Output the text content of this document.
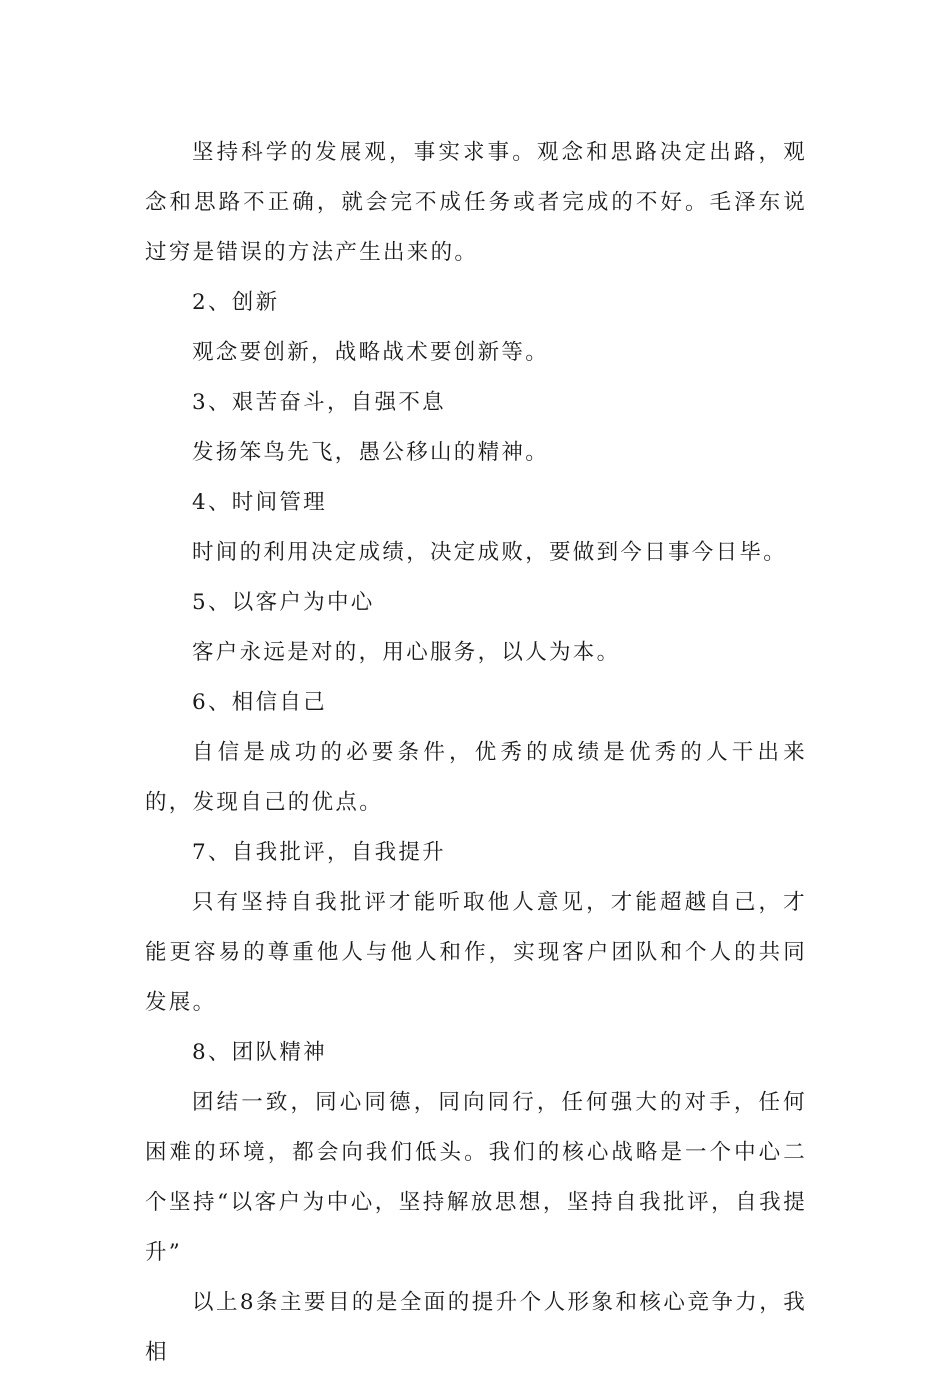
坚持科学的发展观，事实求事。观念和思路决定出路，观念和思路不正确，就会完不成任务或者完成的不好。毛泽东说过穷是错误的方法产生出来的。

2、创新

观念要创新，战略战术要创新等。

3、艰苦奋斗，自强不息

发扬笨鸟先飞，愚公移山的精神。

4、时间管理

时间的利用决定成绩，决定成败，要做到今日事今日毕。

5、以客户为中心

客户永远是对的，用心服务，以人为本。

6、相信自己

自信是成功的必要条件，优秀的成绩是优秀的人干出来的，发现自己的优点。

7、自我批评，自我提升

只有坚持自我批评才能听取他人意见，才能超越自己，才能更容易的尊重他人与他人和作，实现客户团队和个人的共同发展。

8、团队精神

团结一致，同心同德，同向同行，任何强大的对手，任何困难的环境，都会向我们低头。我们的核心战略是一个中心二个坚持“以客户为中心，坚持解放思想，坚持自我批评，自我提升”

以上8条主要目的是全面的提升个人形象和核心竞争力，我相
